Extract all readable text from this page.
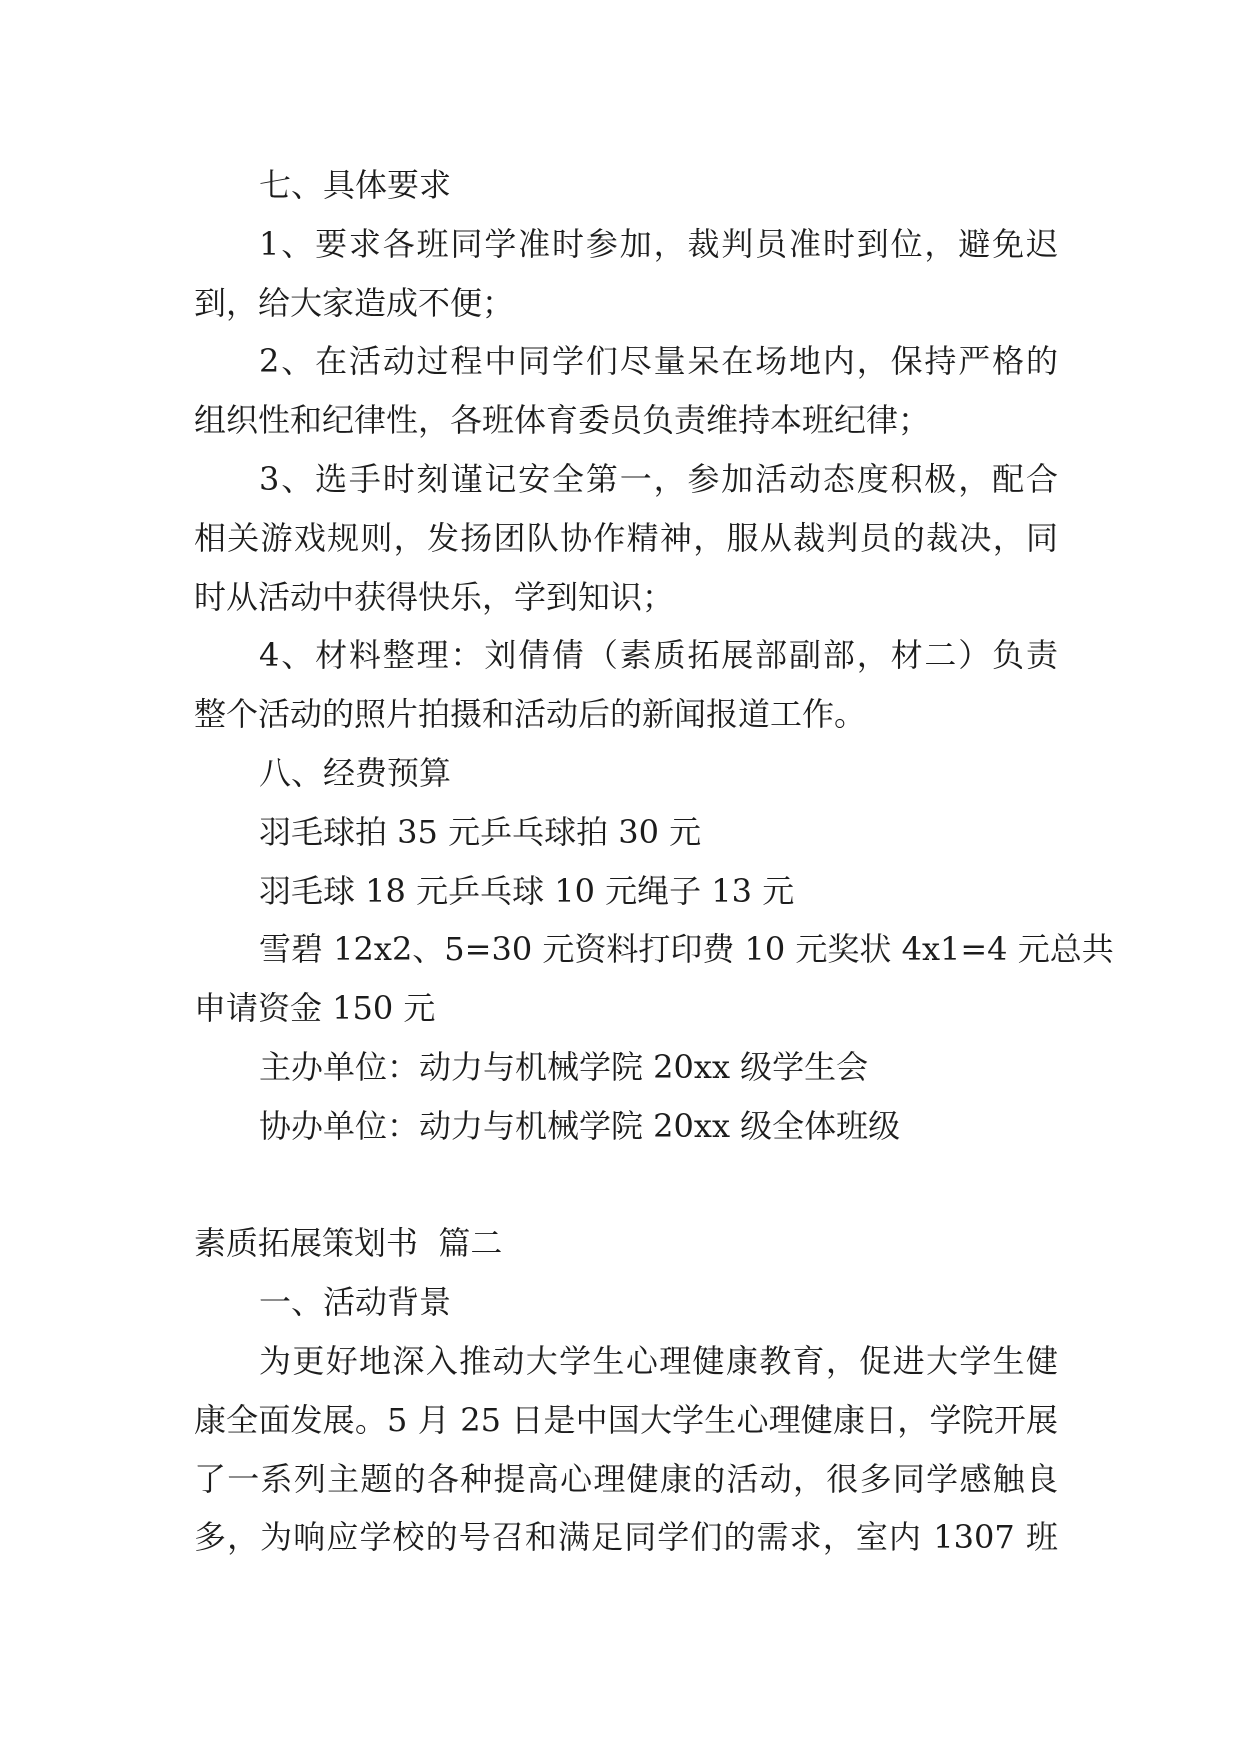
七、具体要求
1、要求各班同学准时参加，裁判员准时到位，避免迟
到，给大家造成不便；
2、在活动过程中同学们尽量呆在场地内，保持严格的
组织性和纪律性，各班体育委员负责维持本班纪律；
3、选手时刻谨记安全第一，参加活动态度积极，配合
相关游戏规则，发扬团队协作精神，服从裁判员的裁决，同
时从活动中获得快乐，学到知识；
4、材料整理：刘倩倩（素质拓展部副部，材二）负责
整个活动的照片拍摄和活动后的新闻报道工作。
八、经费预算
羽毛球拍 35 元乒乓球拍 30 元
羽毛球 18 元乒乓球 10 元绳子 13 元
雪碧 12x2、5=30 元资料打印费 10 元奖状 4x1=4 元总共
申请资金 150 元
主办单位：动力与机械学院 20xx 级学生会
协办单位：动力与机械学院 20xx 级全体班级
素质拓展策划书  篇二
一、活动背景
为更好地深入推动大学生心理健康教育，促进大学生健
康全面发展。5 月 25 日是中国大学生心理健康日，学院开展
了一系列主题的各种提高心理健康的活动，很多同学感触良
多，为响应学校的号召和满足同学们的需求，室内 1307 班
